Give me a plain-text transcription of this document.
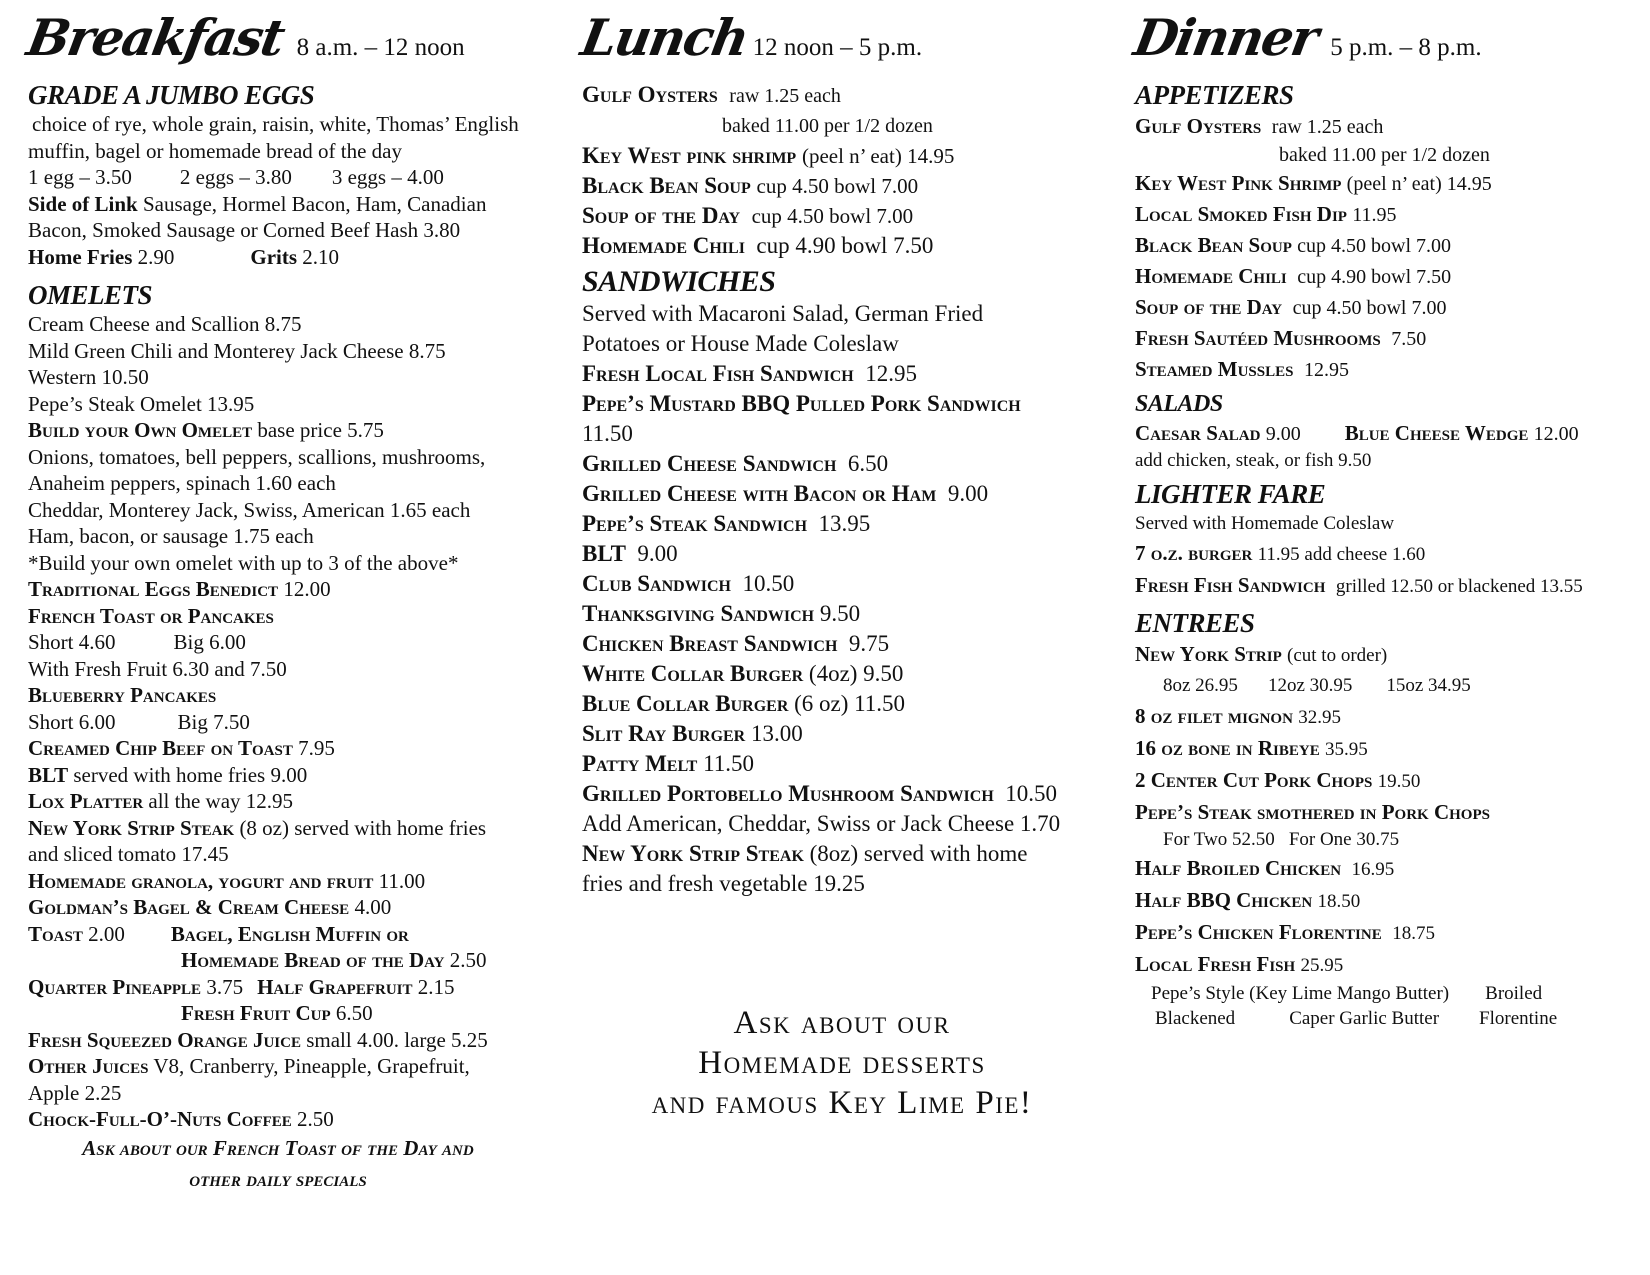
Breakfast 8 a.m. – 12 noon
GRADE A JUMBO EGGS
choice of rye, whole grain, raisin, white, Thomas’ English
muffin, bagel or homemade bread of the day
1 egg – 3.50 2 eggs – 3.80 3 eggs – 4.00
Side of Link Sausage, Hormel Bacon, Ham, Canadian
Bacon, Smoked Sausage or Corned Beef Hash 3.80
Home Fries 2.90	Grits 2.10
OMELETS
Cream Cheese and Scallion 8.75
Mild Green Chili and Monterey Jack Cheese 8.75
Western 10.50
Pepe’s Steak Omelet 13.95
Build your Own Omelet base price 5.75
Onions, tomatoes, bell peppers, scallions, mushrooms,
Anaheim peppers, spinach 1.60 each
Cheddar, Monterey Jack, Swiss, American 1.65 each
Ham, bacon, or sausage 1.75 each
*Build your own omelet with up to 3 of the above*
Traditional Eggs Benedict 12.00
French Toast or Pancakes
Short 4.60	Big 6.00
With Fresh Fruit 6.30 and 7.50
Blueberry Pancakes
Short 6.00	Big 7.50
Creamed Chip Beef on Toast 7.95
BLT served with home fries 9.00
Lox Platter all the way 12.95
New York Strip Steak (8 oz) served with home fries
and sliced tomato 17.45
Homemade granola, yogurt and fruit 11.00
Goldman’s Bagel & Cream Cheese 4.00
Toast 2.00 Bagel, English Muffin or
Homemade Bread of the Day 2.50
Quarter Pineapple 3.75 Half Grapefruit 2.15
Fresh Fruit Cup 6.50
Fresh Squeezed Orange Juice small 4.00. large 5.25
Other Juices V8, Cranberry, Pineapple, Grapefruit,
Apple 2.25
Chock-Full-O’-Nuts Coffee 2.50
Ask about our French Toast of the Day and
other daily specials
Lunch 12 noon – 5 p.m.
Gulf Oysters raw 1.25 each
baked 11.00 per 1/2 dozen
Key West pink shrimp (peel n’ eat) 14.95
Black Bean Soup cup 4.50 bowl 7.00
Soup of the Day cup 4.50 bowl 7.00
Homemade Chili cup 4.90 bowl 7.50
SANDWICHES
Served with Macaroni Salad, German Fried
Potatoes or House Made Coleslaw
Fresh Local Fish Sandwich 12.95
Pepe’s Mustard BBQ Pulled Pork Sandwich
11.50
Grilled Cheese Sandwich 6.50
Grilled Cheese with Bacon or Ham 9.00
Pepe’s Steak Sandwich 13.95
BLT 9.00
Club Sandwich 10.50
Thanksgiving Sandwich 9.50
Chicken Breast Sandwich 9.75
White Collar Burger (4oz) 9.50
Blue Collar Burger (6 oz) 11.50
Slit Ray Burger 13.00
Patty Melt 11.50
Grilled Portobello Mushroom Sandwich 10.50
Add American, Cheddar, Swiss or Jack Cheese 1.70
New York Strip Steak (8oz) served with home
fries and fresh vegetable 19.25
Ask about our
Homemade desserts
and famous Key Lime Pie!
Dinner 5 p.m. – 8 p.m.
APPETIZERS
Gulf Oysters raw 1.25 each
baked 11.00 per 1/2 dozen
Key West Pink Shrimp (peel n’ eat) 14.95
Local Smoked Fish Dip 11.95
Black Bean Soup cup 4.50 bowl 7.00
Homemade Chili cup 4.90 bowl 7.50
Soup of the Day cup 4.50 bowl 7.00
Fresh Sautéed Mushrooms 7.50
Steamed Mussles 12.95
SALADS
Caesar Salad 9.00 Blue Cheese Wedge 12.00
add chicken, steak, or fish 9.50
LIGHTER FARE
Served with Homemade Coleslaw
7 o.z. burger 11.95 add cheese 1.60
Fresh Fish Sandwich grilled 12.50 or blackened 13.55
ENTREES
New York Strip (cut to order)
8oz 26.95 12oz 30.95 15oz 34.95
8 oz filet mignon 32.95
16 oz bone in Ribeye 35.95
2 Center Cut Pork Chops 19.50
Pepe’s Steak smothered in Pork Chops
For Two 52.50 For One 30.75
Half Broiled Chicken 16.95
Half BBQ Chicken 18.50
Pepe’s Chicken Florentine 18.75
Local Fresh Fish 25.95
Pepe’s Style (Key Lime Mango Butter) Broiled
Blackened	Caper Garlic Butter Florentine
